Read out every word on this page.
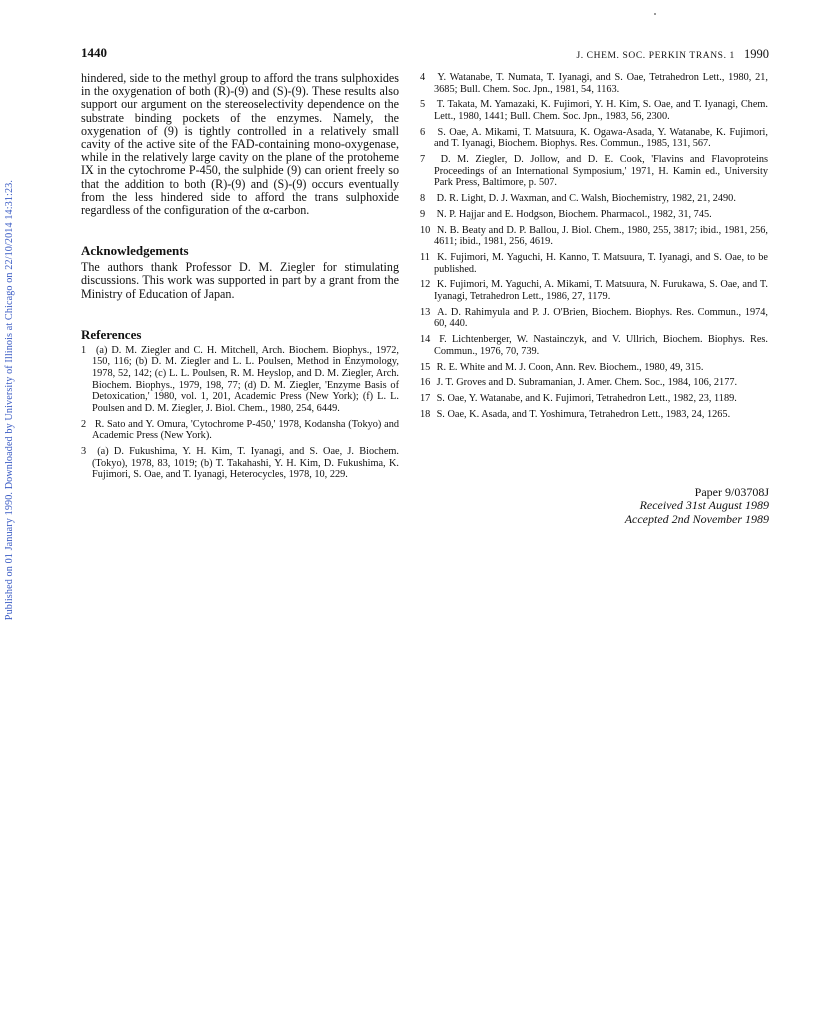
Published on 01 January 1990. Downloaded by University of Illinois at Chicago on 22/10/2014 14:31:23.
1440	J. CHEM. SOC. PERKIN TRANS. 1 1990

hindered, side to the methyl group to afford the trans sulphoxides in the oxygenation of both (R)-(9) and (S)-(9). These results also support our argument on the stereoselectivity dependence on the substrate binding pockets of the enzymes. Namely, the oxygenation of (9) is tightly controlled in a relatively small cavity of the active site of the FAD-containing mono-oxygenase, while in the relatively large cavity on the plane of the protoheme IX in the cytochrome P-450, the sulphide (9) can orient freely so that the addition to both (R)-(9) and (S)-(9) occurs eventually from the less hindered side to afford the trans sulphoxide regardless of the configuration of the α-carbon.

Acknowledgements

The authors thank Professor D. M. Ziegler for stimulating discussions. This work was supported in part by a grant from the Ministry of Education of Japan.

References
1 (a) D. M. Ziegler and C. H. Mitchell, Arch. Biochem. Biophys., 1972, 150, 116; (b) D. M. Ziegler and L. L. Poulsen, Method in Enzymology, 1978, 52, 142; (c) L. L. Poulsen, R. M. Heyslop, and D. M. Ziegler, Arch. Biochem. Biophys., 1979, 198, 77; (d) D. M. Ziegler, 'Enzyme Basis of Detoxication,' 1980, vol. 1, 201, Academic Press (New York); (f) L. L. Poulsen and D. M. Ziegler, J. Biol. Chem., 1980, 254, 6449.
2 R. Sato and Y. Omura, 'Cytochrome P-450,' 1978, Kodansha (Tokyo) and Academic Press (New York).
3 (a) D. Fukushima, Y. H. Kim, T. Iyanagi, and S. Oae, J. Biochem. (Tokyo), 1978, 83, 1019; (b) T. Takahashi, Y. H. Kim, D. Fukushima, K. Fujimori, S. Oae, and T. Iyanagi, Heterocycles, 1978, 10, 229.
4 Y. Watanabe, T. Numata, T. Iyanagi, and S. Oae, Tetrahedron Lett., 1980, 21, 3685; Bull. Chem. Soc. Jpn., 1981, 54, 1163.
5 T. Takata, M. Yamazaki, K. Fujimori, Y. H. Kim, S. Oae, and T. Iyanagi, Chem. Lett., 1980, 1441; Bull. Chem. Soc. Jpn., 1983, 56, 2300.
6 S. Oae, A. Mikami, T. Matsuura, K. Ogawa-Asada, Y. Watanabe, K. Fujimori, and T. Iyanagi, Biochem. Biophys. Res. Commun., 1985, 131, 567.
7 D. M. Ziegler, D. Jollow, and D. E. Cook, 'Flavins and Flavoproteins Proceedings of an International Symposium,' 1971, H. Kamin ed., University Park Press, Baltimore, p. 507.
8 D. R. Light, D. J. Waxman, and C. Walsh, Biochemistry, 1982, 21, 2490.
9 N. P. Hajjar and E. Hodgson, Biochem. Pharmacol., 1982, 31, 745.
10 N. B. Beaty and D. P. Ballou, J. Biol. Chem., 1980, 255, 3817; ibid., 1981, 256, 4611; ibid., 1981, 256, 4619.
11 K. Fujimori, M. Yaguchi, H. Kanno, T. Matsuura, T. Iyanagi, and S. Oae, to be published.
12 K. Fujimori, M. Yaguchi, A. Mikami, T. Matsuura, N. Furukawa, S. Oae, and T. Iyanagi, Tetrahedron Lett., 1986, 27, 1179.
13 A. D. Rahimyula and P. J. O'Brien, Biochem. Biophys. Res. Commun., 1974, 60, 440.
14 F. Lichtenberger, W. Nastainczyk, and V. Ullrich, Biochem. Biophys. Res. Commun., 1976, 70, 739.
15 R. E. White and M. J. Coon, Ann. Rev. Biochem., 1980, 49, 315.
16 J. T. Groves and D. Subramanian, J. Amer. Chem. Soc., 1984, 106, 2177.
17 S. Oae, Y. Watanabe, and K. Fujimori, Tetrahedron Lett., 1982, 23, 1189.
18 S. Oae, K. Asada, and T. Yoshimura, Tetrahedron Lett., 1983, 24, 1265.
Paper 9/03708J
Received 31st August 1989
Accepted 2nd November 1989
